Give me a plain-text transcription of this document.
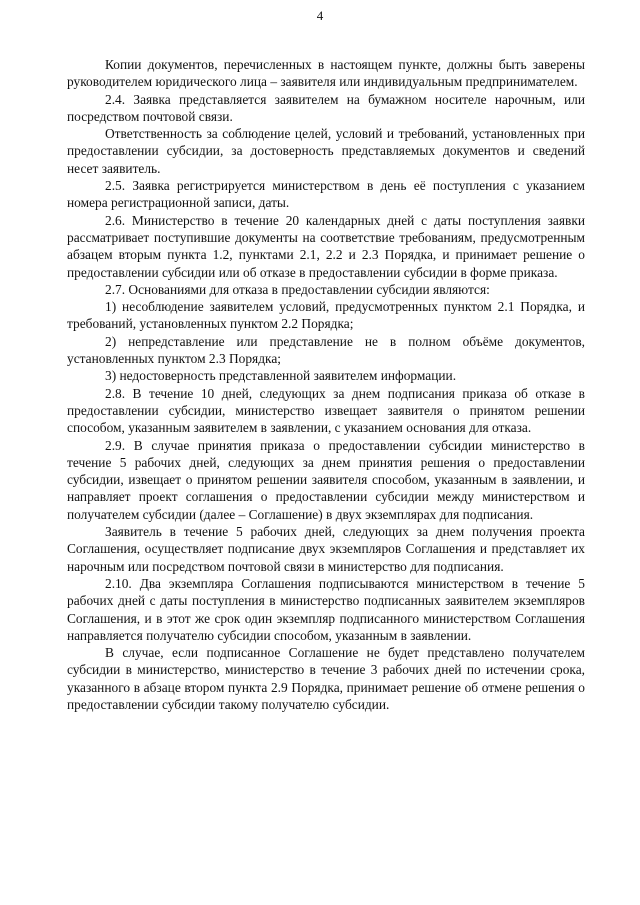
4

Копии документов, перечисленных в настоящем пункте, должны быть заверены руководителем юридического лица – заявителя или индивидуальным предпринимателем.

2.4. Заявка представляется заявителем на бумажном носителе нарочным, или посредством почтовой связи.

Ответственность за соблюдение целей, условий и требований, установленных при предоставлении субсидии, за достоверность представляемых документов и сведений несет заявитель.

2.5. Заявка регистрируется министерством в день её поступления с указанием номера регистрационной записи, даты.

2.6. Министерство в течение 20 календарных дней с даты поступления заявки рассматривает поступившие документы на соответствие требованиям, предусмотренным абзацем вторым пункта 1.2, пунктами 2.1, 2.2 и 2.3 Порядка, и принимает решение о предоставлении субсидии или об отказе в предоставлении субсидии в форме приказа.

2.7. Основаниями для отказа в предоставлении субсидии являются:

1) несоблюдение заявителем условий, предусмотренных пунктом 2.1 Порядка, и требований, установленных пунктом 2.2 Порядка;

2) непредставление или представление не в полном объёме документов, установленных пунктом 2.3 Порядка;

3) недостоверность представленной заявителем информации.

2.8. В течение 10 дней, следующих за днем подписания приказа об отказе в предоставлении субсидии, министерство извещает заявителя о принятом решении способом, указанным заявителем в заявлении, с указанием основания для отказа.

2.9. В случае принятия приказа о предоставлении субсидии министерство в течение 5 рабочих дней, следующих за днем принятия решения о предоставлении субсидии, извещает о принятом решении заявителя способом, указанным в заявлении, и направляет проект соглашения о предоставлении субсидии между министерством и получателем субсидии (далее – Соглашение) в двух экземплярах для подписания.

Заявитель в течение 5 рабочих дней, следующих за днем получения проекта Соглашения, осуществляет подписание двух экземпляров Соглашения и представляет их нарочным или посредством почтовой связи в министерство для подписания.

2.10. Два экземпляра Соглашения подписываются министерством в течение 5 рабочих дней с даты поступления в министерство подписанных заявителем экземпляров Соглашения, и в этот же срок один экземпляр подписанного министерством Соглашения направляется получателю субсидии способом, указанным в заявлении.

В случае, если подписанное Соглашение не будет представлено получателем субсидии в министерство, министерство в течение 3 рабочих дней по истечении срока, указанного в абзаце втором пункта 2.9 Порядка, принимает решение об отмене решения о предоставлении субсидии такому получателю субсидии.
